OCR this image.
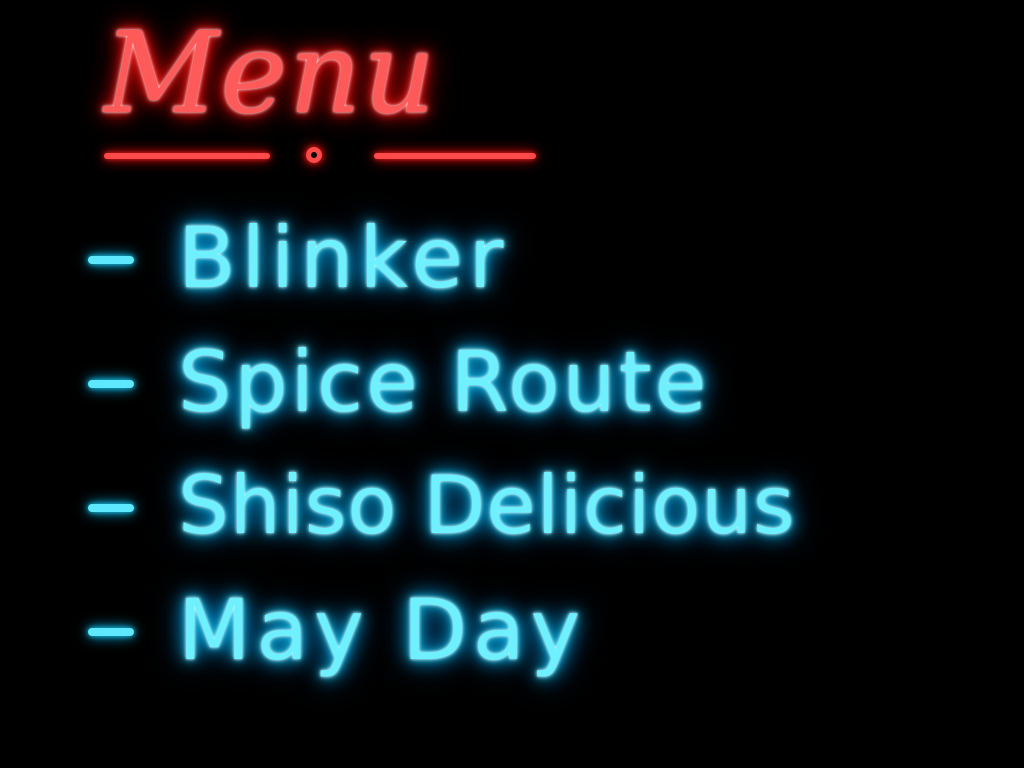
Menu
Blinker
Spice Route
Shiso Delicious
May Day
